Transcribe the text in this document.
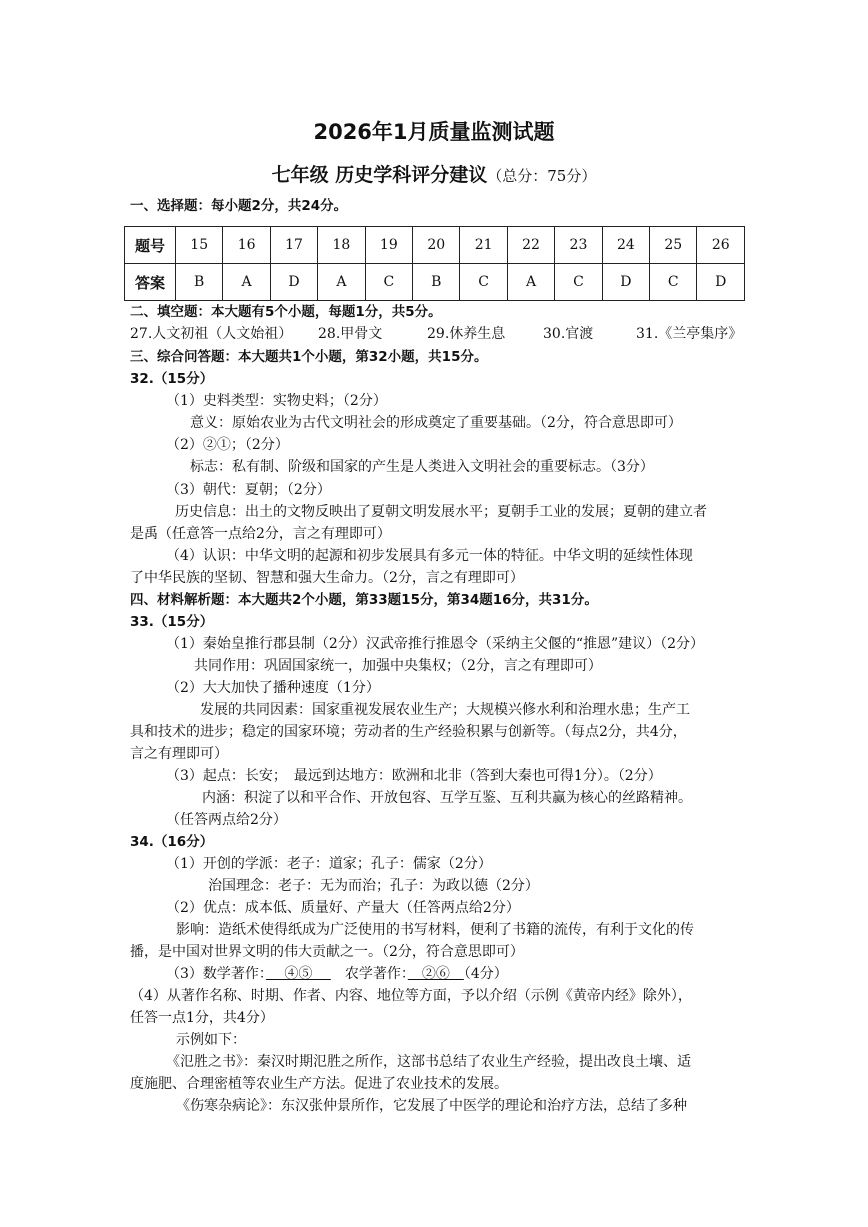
2026年1月质量监测试题
七年级 历史学科评分建议（总分：75分）
一、选择题：每小题2分，共24分。
题号	15	16	17	18	19	20	21	22	23	24	25	26
答案	B	A	D	A	C	B	C	A	C	D	C	D
二、填空题：本大题有5个小题，每题1分，共5分。
27.人文初祖（人文始祖） 28.甲骨文	29.休养生息	30.官渡	31.《兰亭集序》
三、综合问答题：本大题共1个小题，第32小题，共15分。
32.（15分）
（1）史料类型：实物史料；（2分）
意义：原始农业为古代文明社会的形成奠定了重要基础。（2分，符合意思即可）
（2）②①；（2分）
标志：私有制、阶级和国家的产生是人类进入文明社会的重要标志。（3分）
（3）朝代：夏朝；（2分）
历史信息：出土的文物反映出了夏朝文明发展水平；夏朝手工业的发展；夏朝的建立者
是禹（任意答一点给2分，言之有理即可）
（4）认识：中华文明的起源和初步发展具有多元一体的特征。中华文明的延续性体现
了中华民族的坚韧、智慧和强大生命力。（2分，言之有理即可）
四、材料解析题：本大题共2个小题，第33题15分，第34题16分，共31分。
33.（15分）
（1）秦始皇推行郡县制（2分）汉武帝推行推恩令（采纳主父偃的“推恩”建议）（2分）
共同作用：巩固国家统一，加强中央集权；（2分，言之有理即可）
（2）大大加快了播种速度（1分）
发展的共同因素：国家重视发展农业生产；大规模兴修水利和治理水患；生产工
具和技术的进步；稳定的国家环境；劳动者的生产经验积累与创新等。（每点2分，共4分，
言之有理即可）
（3）起点：长安；　最远到达地方：欧洲和北非（答到大秦也可得1分）。（2分）
内涵：积淀了以和平合作、开放包容、互学互鉴、互利共赢为核心的丝路精神。
（任答两点给2分）
34.（16分）
（1）开创的学派：老子：道家；孔子：儒家（2分）
治国理念：老子：无为而治；孔子：为政以德（2分）
（2）优点：成本低、质量好、产量大（任答两点给2分）
影响：造纸术使得纸成为广泛使用的书写材料，便利了书籍的流传，有利于文化的传
播，是中国对世界文明的伟大贡献之一。（2分，符合意思即可）
（3）数学著作：　 ④⑤　 　农学著作：　②⑥　（4分）
（4）从著作名称、时期、作者、内容、地位等方面，予以介绍（示例《黄帝内经》除外），
任答一点1分，共4分）
示例如下：
《氾胜之书》：秦汉时期氾胜之所作，这部书总结了农业生产经验，提出改良土壤、适
度施肥、合理密植等农业生产方法。促进了农业技术的发展。
《伤寒杂病论》：东汉张仲景所作，它发展了中医学的理论和治疗方法，总结了多种
